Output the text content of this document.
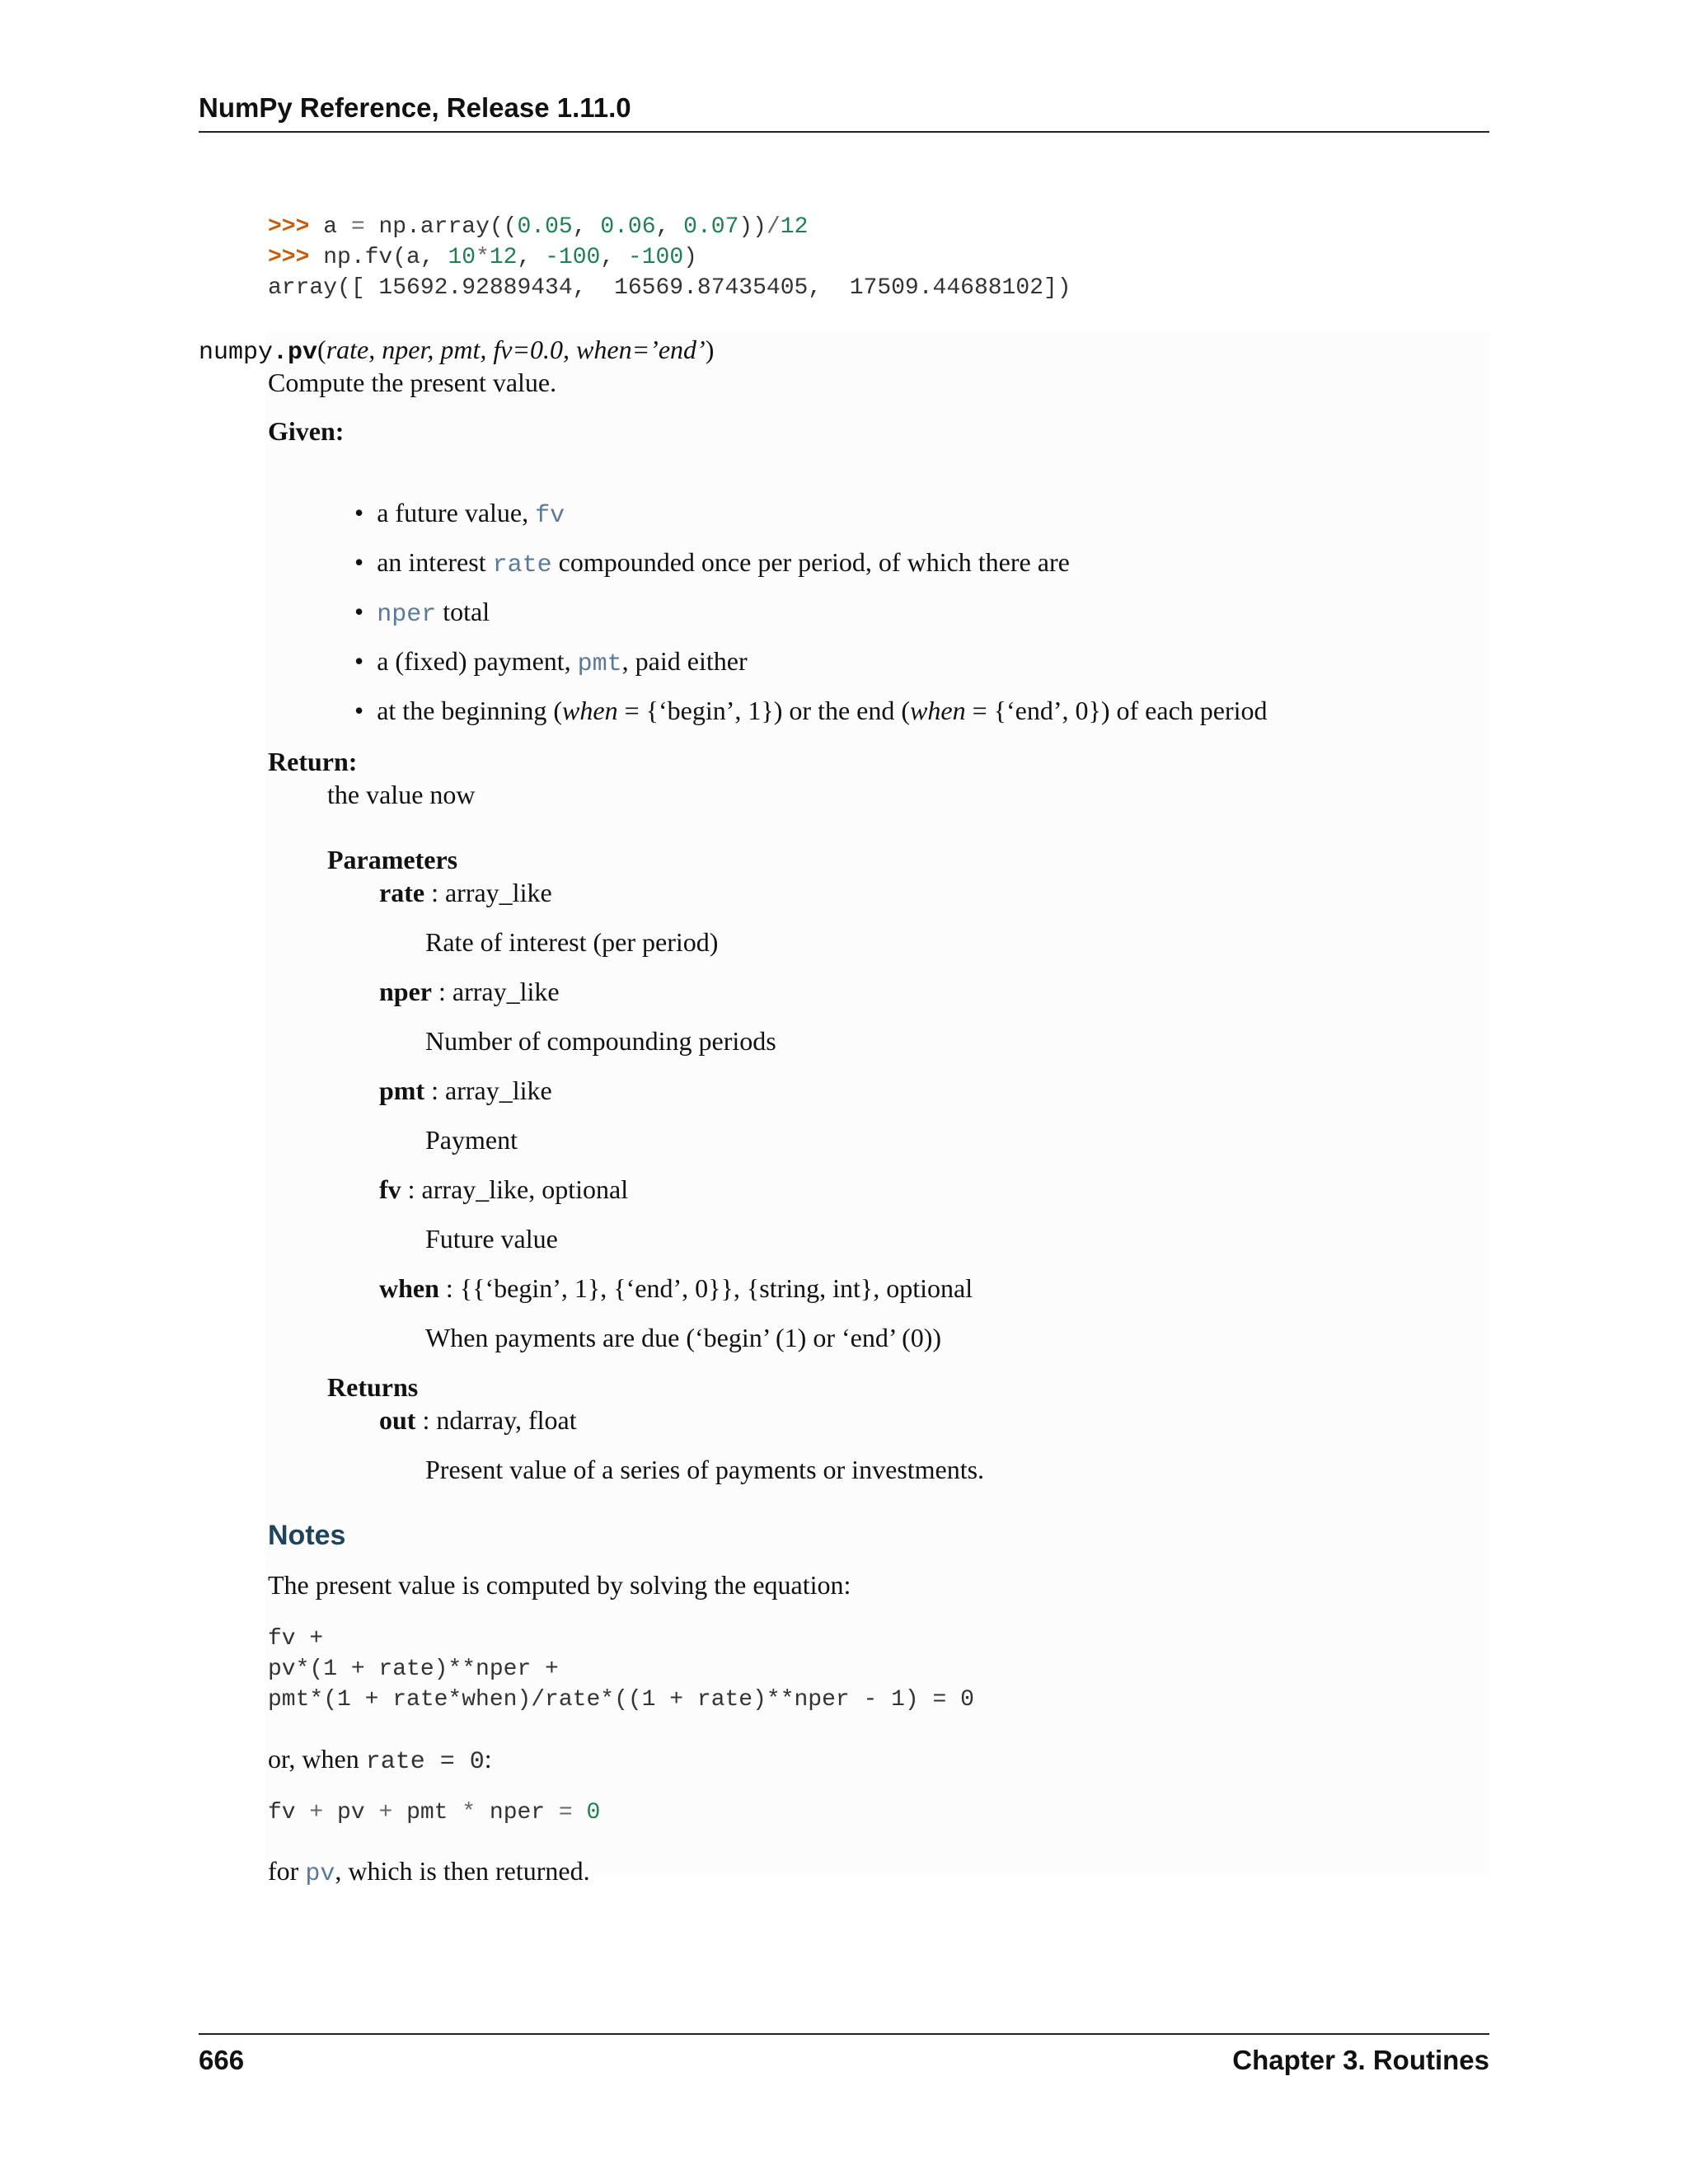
NumPy Reference, Release 1.11.0
>>> a = np.array((0.05, 0.06, 0.07))/12
>>> np.fv(a, 10*12, -100, -100)
array([ 15692.92889434,  16569.87435405,  17509.44688102])
numpy.pv(rate, nper, pmt, fv=0.0, when=’end’)
Compute the present value.
Given:
•  a future value, fv
•  an interest rate compounded once per period, of which there are
•  nper total
•  a (fixed) payment, pmt, paid either
•  at the beginning (when = {‘begin’, 1}) or the end (when = {‘end’, 0}) of each period
Return:
the value now
Parameters
rate : array_like
Rate of interest (per period)
nper : array_like
Number of compounding periods
pmt : array_like
Payment
fv : array_like, optional
Future value
when : {{‘begin’, 1}, {‘end’, 0}}, {string, int}, optional
When payments are due (‘begin’ (1) or ‘end’ (0))
Returns
out : ndarray, float
Present value of a series of payments or investments.
Notes
The present value is computed by solving the equation:
fv +
pv*(1 + rate)**nper +
pmt*(1 + rate*when)/rate*((1 + rate)**nper - 1) = 0
or, when rate = 0:
fv + pv + pmt * nper = 0
for pv, which is then returned.
666	Chapter 3. Routines
